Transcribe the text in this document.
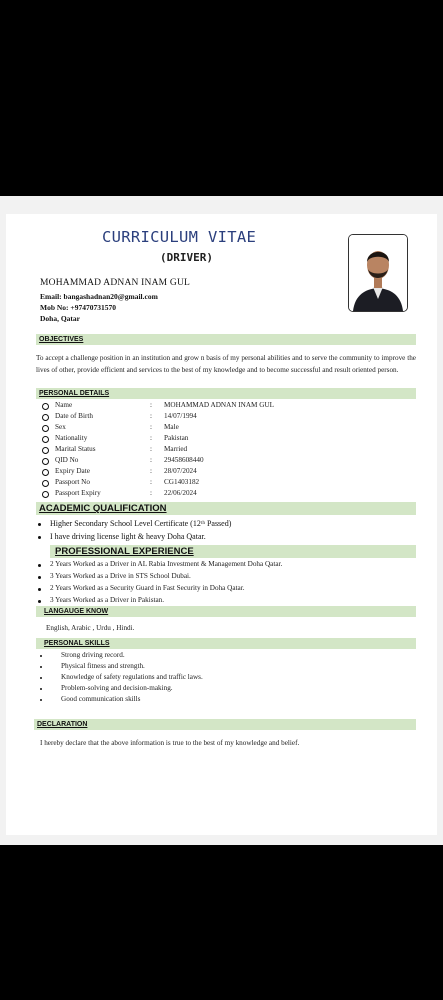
CURRICULUM VITAE
(DRIVER)
MOHAMMAD ADNAN INAM GUL
Email: bangashadnan20@gmail.com
Mob No: +97470731570
Doha, Qatar
OBJECTIVES
To accept a challenge position in an institution and grow n basis of my personal abilities and to serve the community to improve the lives of other, provide efficient and services to the best of my knowledge and to become successful and result oriented person.
PERSONAL DETAILS
Name	: MOHAMMAD ADNAN INAM GUL
Date of Birth	: 14/07/1994
Sex	: Male
Nationality	: Pakistan
Marital Status	: Married
QID No	: 29458608440
Expiry Date	: 28/07/2024
Passport No	: CG1403182
Passport Expiry	: 22/06/2024
ACADEMIC QUALIFICATION
Higher Secondary School Level Certificate (12ᵗʰ Passed)
I have driving license light & heavy Doha Qatar.
PROFESSIONAL EXPERIENCE
2 Years Worked as a Driver in AL Rabia Investment & Management Doha Qatar.
3 Years Worked as a Drive in STS School Dubai.
2 Years Worked as a Security Guard in Fast Security in Doha Qatar.
3 Years Worked as a Driver in Pakistan.
LANGAUGE KNOW
English, Arabic , Urdu , Hindi.
PERSONAL SKILLS
Strong driving record.
Physical fitness and strength.
Knowledge of safety regulations and traffic laws.
Problem-solving and decision-making.
Good communication skills
DECLARATION
I hereby declare that the above information is true to the best of my knowledge and belief.
